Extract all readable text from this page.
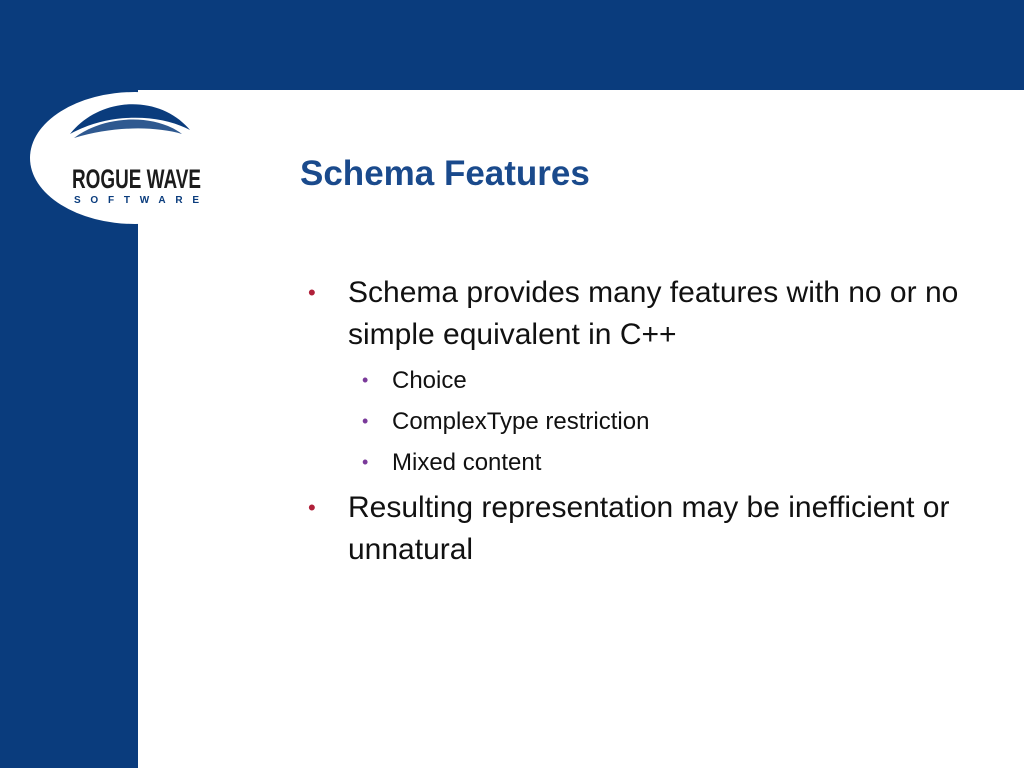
ROGUE WAVE
SOFTWARE
Schema Features
• Schema provides many features with no or no simple equivalent in C++
• Choice
• ComplexType restriction
• Mixed content
• Resulting representation may be inefficient or unnatural
